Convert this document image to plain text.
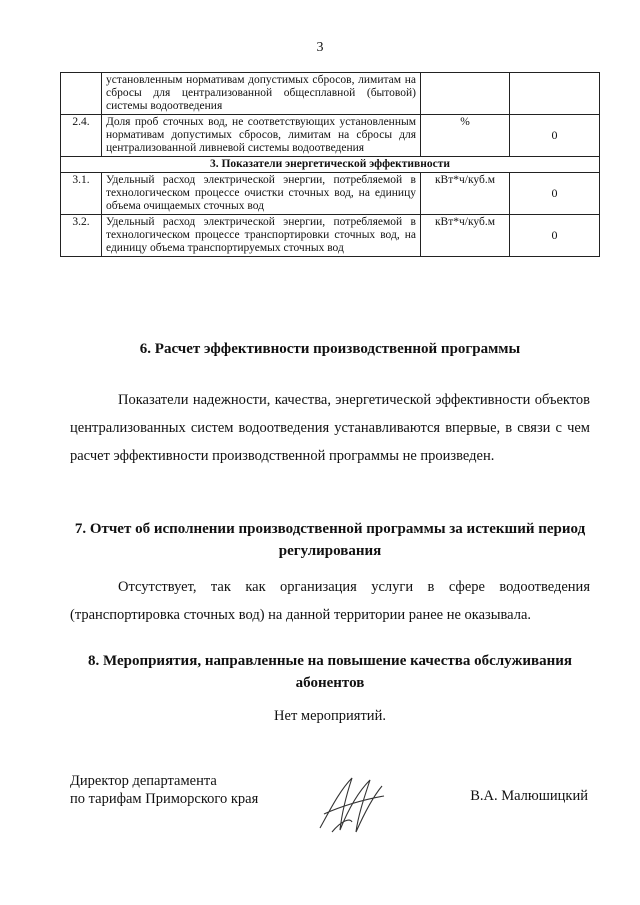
3
	установленным нормативам допустимых сбросов, лимитам на сбросы для централизованной общесплавной (бытовой) системы водоотведения		
2.4.	Доля проб сточных вод, не соответствующих установленным нормативам допустимых сбросов, лимитам на сбросы для централизованной ливневой системы водоотведения	%	0
3. Показатели энергетической эффективности			
3.1.	Удельный расход электрической энергии, потребляемой в технологическом процессе очистки сточных вод, на единицу объема очищаемых сточных вод	кВт*ч/куб.м	0
3.2.	Удельный расход электрической энергии, потребляемой в технологическом процессе транспортировки сточных вод, на единицу объема транспортируемых сточных вод	кВт*ч/куб.м	0
6. Расчет эффективности производственной программы
Показатели надежности, качества, энергетической эффективности объектов централизованных систем водоотведения устанавливаются впервые, в связи с чем расчет эффективности производственной программы не произведен.
7. Отчет об исполнении производственной программы за истекший период регулирования
Отсутствует, так как организация услуги в сфере водоотведения (транспортировка сточных вод) на данной территории ранее не оказывала.
8. Мероприятия, направленные на повышение качества обслуживания абонентов
Нет мероприятий.
Директор департамента
по тарифам Приморского края	В.А. Малюшицкий
